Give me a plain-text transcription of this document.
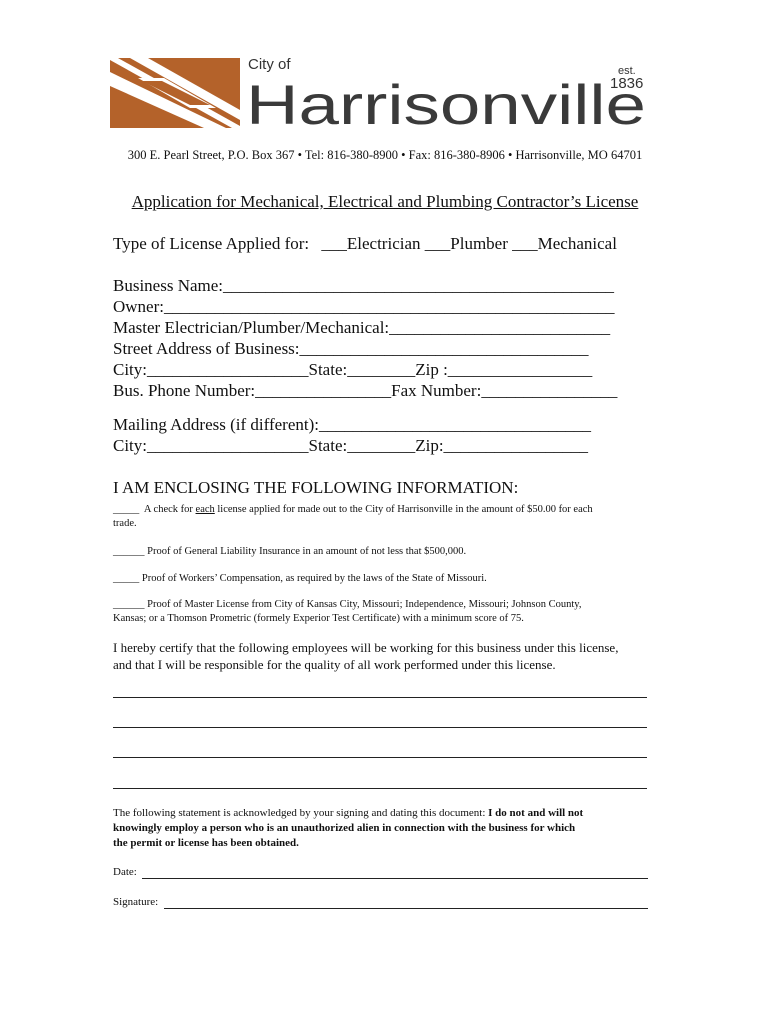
City of
Harrisonville
est.
1836
300 E. Pearl Street, P.O. Box 367 • Tel: 816-380-8900 • Fax: 816-380-8906 • Harrisonville, MO 64701
Application for Mechanical, Electrical and Plumbing Contractor’s License
Type of License Applied for: ___Electrician ___Plumber ___Mechanical
Business Name:______________________________________________
Owner:_____________________________________________________
Master Electrician/Plumber/Mechanical:__________________________
Street Address of Business:__________________________________
City:___________________State:________Zip :_________________
Bus. Phone Number:________________Fax Number:________________
Mailing Address (if different):________________________________
City:___________________State:________Zip:_________________
I AM ENCLOSING THE FOLLOWING INFORMATION:
_____ A check for each license applied for made out to the City of Harrisonville in the amount of $50.00 for each
trade.
______ Proof of General Liability Insurance in an amount of not less that $500,000.
_____ Proof of Workers’ Compensation, as required by the laws of the State of Missouri.
______ Proof of Master License from City of Kansas City, Missouri; Independence, Missouri; Johnson County,
Kansas; or a Thomson Prometric (formely Experior Test Certificate) with a minimum score of 75.
I hereby certify that the following employees will be working for this business under this license,
and that I will be responsible for the quality of all work performed under this license.
The following statement is acknowledged by your signing and dating this document: I do not and will not
knowingly employ a person who is an unauthorized alien in connection with the business for which
the permit or license has been obtained.
Date:
Signature:
